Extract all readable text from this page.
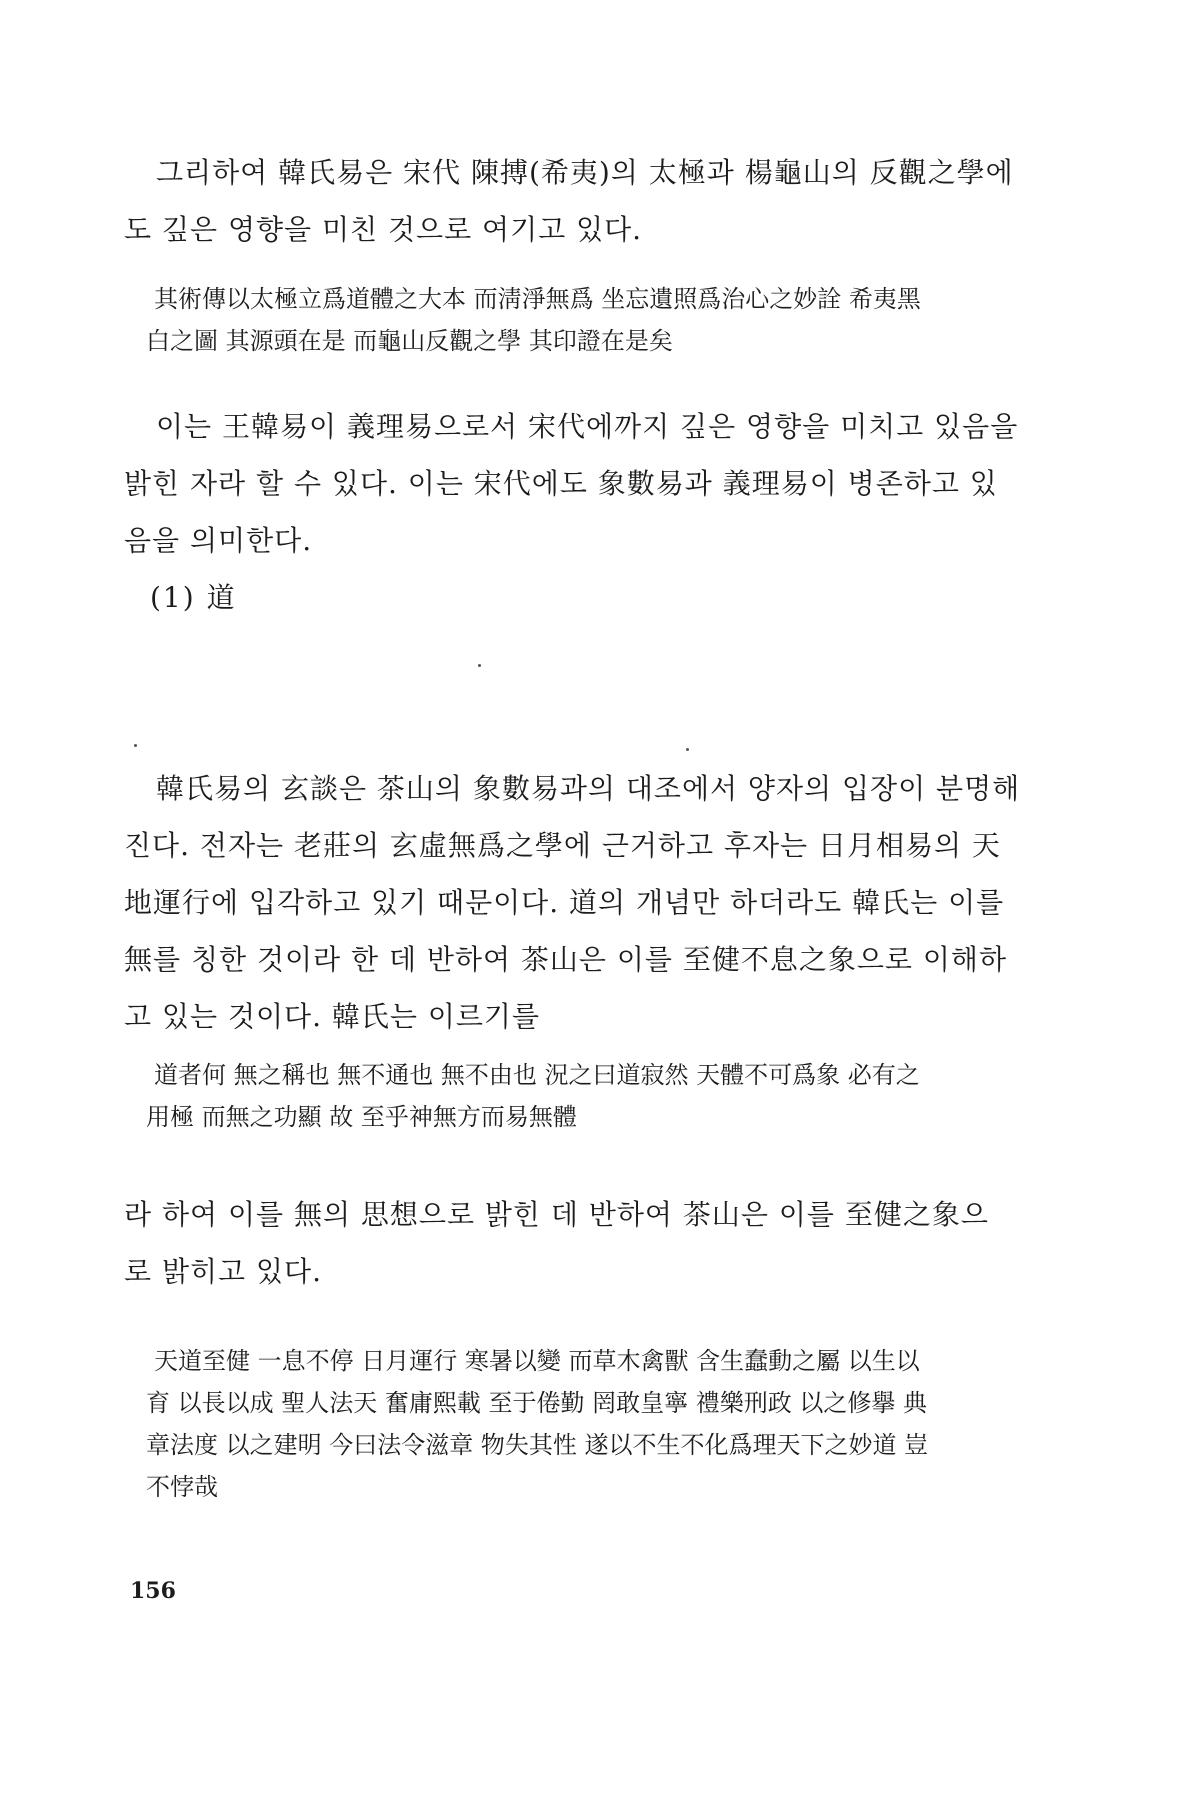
그리하여 韓氏易은 宋代 陳搏(希夷)의 太極과 楊龜山의 反觀之學에
도 깊은 영향을 미친 것으로 여기고 있다.

其術傳以太極立爲道體之大本 而淸淨無爲 坐忘遺照爲治心之妙詮 希夷黑
白之圖 其源頭在是 而龜山反觀之學 其印證在是矣

이는 王韓易이 義理易으로서 宋代에까지 깊은 영향을 미치고 있음을
밝힌 자라 할 수 있다. 이는 宋代에도 象數易과 義理易이 병존하고 있
음을 의미한다.

(1) 道

韓氏易의 玄談은 茶山의 象數易과의 대조에서 양자의 입장이 분명해
진다. 전자는 老莊의 玄虛無爲之學에 근거하고 후자는 日月相易의 天
地運行에 입각하고 있기 때문이다. 道의 개념만 하더라도 韓氏는 이를
無를 칭한 것이라 한 데 반하여 茶山은 이를 至健不息之象으로 이해하
고 있는 것이다. 韓氏는 이르기를

道者何 無之稱也 無不通也 無不由也 況之曰道寂然 天體不可爲象 必有之
用極 而無之功顯 故 至乎神無方而易無體

라 하여 이를 無의 思想으로 밝힌 데 반하여 茶山은 이를 至健之象으
로 밝히고 있다.

天道至健 一息不停 日月運行 寒暑以變 而草木禽獸 含生蠢動之屬 以生以
育 以長以成 聖人法天 奮庸熙載 至于倦勤 罔敢皇寧 禮樂刑政 以之修擧 典
章法度 以之建明 今曰法令滋章 物失其性 遂以不生不化爲理天下之妙道 豈
不悖哉

156
